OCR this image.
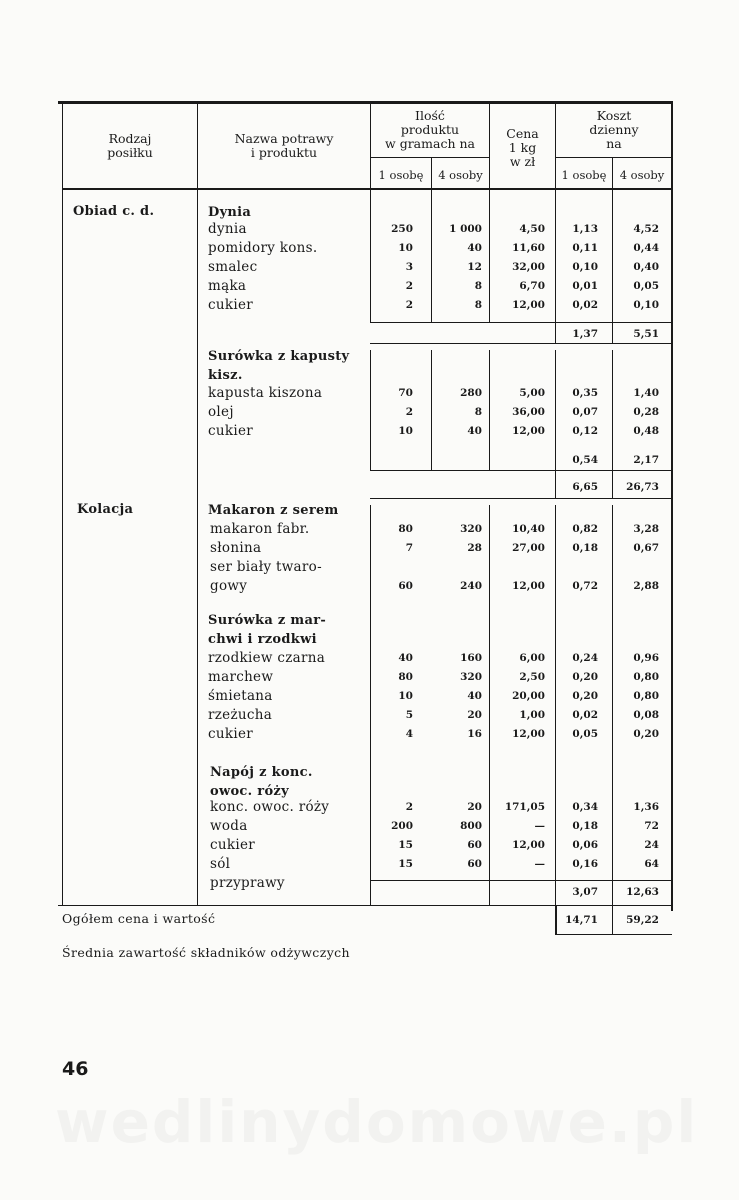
Rodzaj
posiłku
Nazwa potrawy
i produktu
Ilość
produktu
w gramach na
Cena
1 kg
w zł
Koszt
dzienny
na
1 osobę	4 osoby	1 osobę	4 osoby
Obiad c. d.
Kolacja
Dynia
Surówka z kapusty
kisz.
Makaron z serem
Surówka z mar-
chwi i rzodkwi
Napój z konc.
owoc. róży
dynia	250	1 000	4,50	1,13	4,52
pomidory kons.	10	40	11,60	0,11	0,44
smalec	3	12	32,00	0,10	0,40
mąka	2	8	6,70	0,01	0,05
cukier	2	8	12,00	0,02	0,10
kapusta kiszona	70	280	5,00	0,35	1,40
olej	2	8	36,00	0,07	0,28
cukier	10	40	12,00	0,12	0,48
makaron fabr.	80	320	10,40	0,82	3,28
słonina	7	28	27,00	0,18	0,67
ser biały twaro-
gowy	60	240	12,00	0,72	2,88
rzodkiew czarna	40	160	6,00	0,24	0,96
marchew	80	320	2,50	0,20	0,80
śmietana	10	40	20,00	0,20	0,80
rzeżucha	5	20	1,00	0,02	0,08
cukier	4	16	12,00	0,05	0,20
konc. owoc. róży	2	20	171,05	0,34	1,36
woda	200	800	—	0,18	72
cukier	15	60	12,00	0,06	24
sól	15	60	—	0,16	64
przyprawy
1,37	5,51
0,54	2,17
6,65	26,73
3,07	12,63
Ogółem cena i wartość	14,71	59,22
Średnia zawartość składników odżywczych
46
wedlinydomowe.pl
